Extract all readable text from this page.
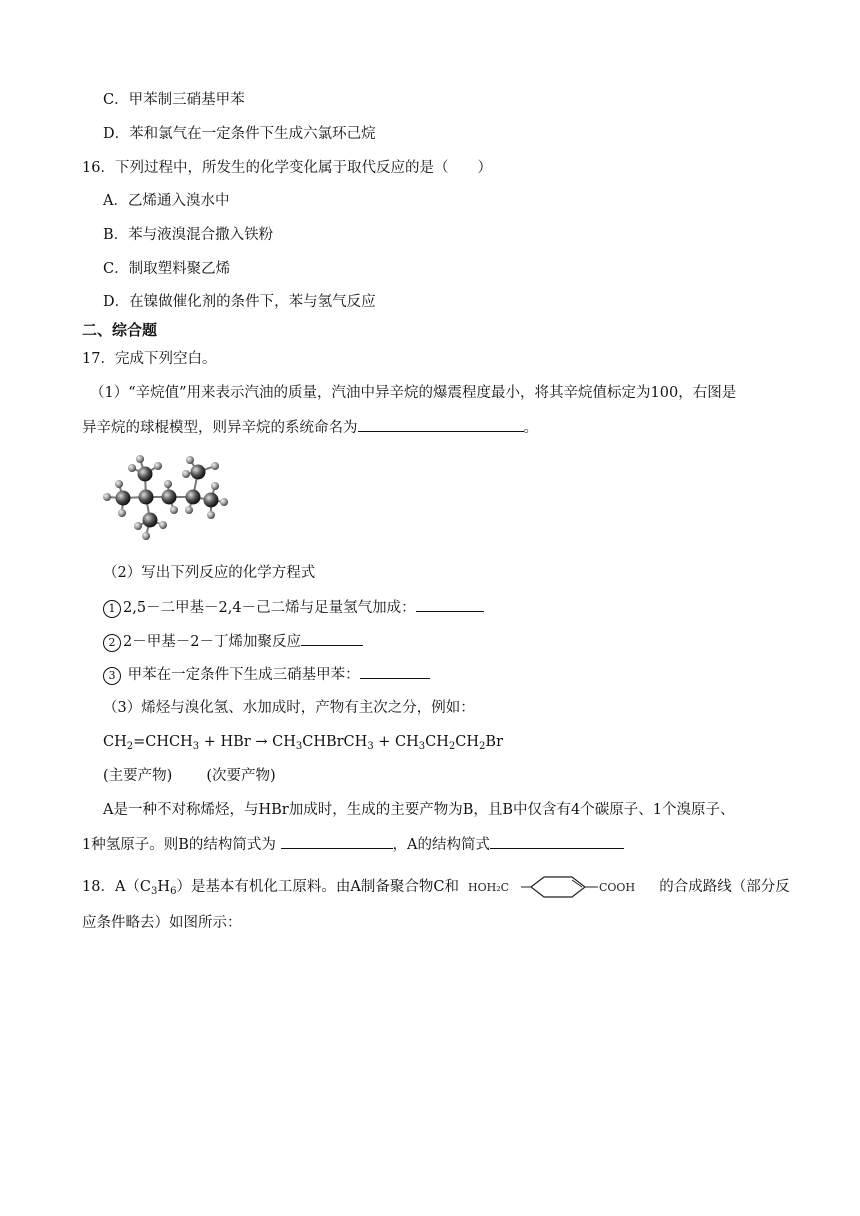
C．甲苯制三硝基甲苯
D．苯和氯气在一定条件下生成六氯环己烷
16．下列过程中，所发生的化学变化属于取代反应的是（　　）
A．乙烯通入溴水中
B．苯与液溴混合撒入铁粉
C．制取塑料聚乙烯
D．在镍做催化剂的条件下，苯与氢气反应
二、综合题
17．完成下列空白。
（1）“辛烷值”用来表示汽油的质量，汽油中异辛烷的爆震程度最小，将其辛烷值标定为100，右图是
异辛烷的球棍模型，则异辛烷的系统命名为	。
（2）写出下列反应的化学方程式
1 2,5－二甲基－2,4－己二烯与足量氢气加成：
2 2－甲基－2－丁烯加聚反应
3 甲苯在一定条件下生成三硝基甲苯：
（3）烯烃与溴化氢、水加成时，产物有主次之分，例如：
$CH_2=CHCH_3$ + HBr → $CH_3CHBrCH_3 + CH_3CH_2CH_2Br$
(主要产物) (次要产物)
A是一种不对称烯烃，与HBr加成时，生成的主要产物为B，且B中仅含有4个碳原子、1个溴原子、
1种氢原子。则B的结构简式为	，A的结构简式
18．$A(C_3H_6)$是基本有机化工原料。由A制备聚合物C和 HOH₂C	COOH 的合成路线（部分反
应条件略去）如图所示：
